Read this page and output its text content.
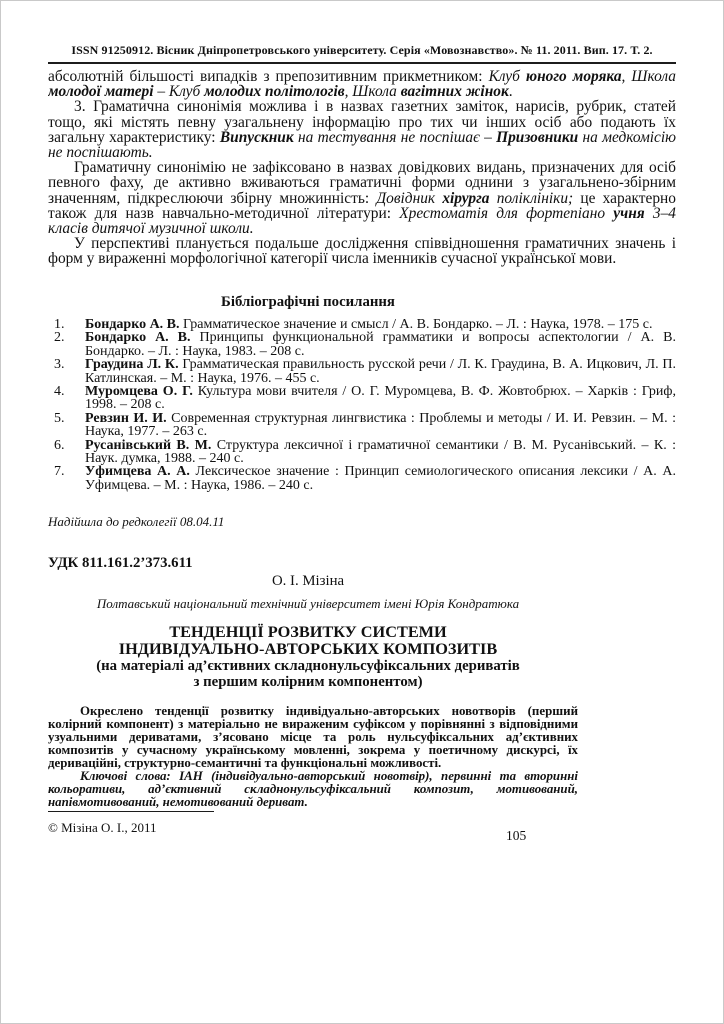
ISSN 91250912. Вісник Дніпропетровського університету. Серія «Мовознавство». № 11. 2011. Вип. 17. Т. 2.

абсолютній більшості випадків з препозитивним прикметником: Клуб юного моряка, Школа молодої матері – Клуб молодих політологів, Школа вагітних жінок.

3. Граматична синонімія можлива і в назвах газетних заміток, нарисів, рубрик, статей тощо, які містять певну узагальнену інформацію про тих чи інших осіб або подають їх загальну характеристику: Випускник на тестування не поспішає – Призовники на медкомісію не поспішають.

Граматичну синонімію не зафіксовано в назвах довідкових видань, призначених для осіб певного фаху, де активно вживаються граматичні форми однини з узагальнено-збірним значенням, підкреслюючи збірну множинність: Довідник хірурга поліклініки; це характерно також для назв навчально-методичної літератури: Хрестоматія для фортепіано учня 3–4 класів дитячої музичної школи.

У перспективі планується подальше дослідження співвідношення граматичних значень і форм у вираженні морфологічної категорії числа іменників сучасної української мови.

Бібліографічні посилання
1. Бондарко А. В. Грамматическое значение и смысл / А. В. Бондарко. – Л. : Наука, 1978. – 175 с.
2. Бондарко А. В. Принципы функциональной грамматики и вопросы аспектологии / А. В. Бондарко. – Л. : Наука, 1983. – 208 с.
3. Граудина Л. К. Грамматическая правильность русской речи / Л. К. Граудина, В. А. Ицкович, Л. П. Катлинская. – М. : Наука, 1976. – 455 с.
4. Муромцева О. Г. Культура мови вчителя / О. Г. Муромцева, В. Ф. Жовтобрюх. – Харків : Гриф, 1998. – 208 с.
5. Ревзин И. И. Современная структурная лингвистика : Проблемы и методы / И. И. Ревзин. – М. : Наука, 1977. – 263 с.
6. Русанівський В. М. Структура лексичної і граматичної семантики / В. М. Русанівський. – К. : Наук. думка, 1988. – 240 с.
7. Уфимцева А. А. Лексическое значение : Принцип семиологического описания лексики / А. А. Уфимцева. – М. : Наука, 1986. – 240 с.
Надійшла до редколегії 08.04.11
УДК 811.161.2’373.611
О. І. Мізіна
Полтавський національний технічний університет імені Юрія Кондратюка
ТЕНДЕНЦІЇ РОЗВИТКУ СИСТЕМИ
ІНДИВІДУАЛЬНО-АВТОРСЬКИХ КОМПОЗИТІВ
(на матеріалі ад’єктивних складнонульсуфіксальних дериватів
з першим колірним компонентом)

Окреслено тенденції розвитку індивідуально-авторських новотворів (перший колірний компонент) з матеріально не вираженим суфіксом у порівнянні з відповідними узуальними дериватами, з’ясовано місце та роль нульсуфіксальних ад’єктивних композитів у сучасному українському мовленні, зокрема у поетичному дискурсі, їх дериваційні, структурно-семантичні та функціональні можливості.

Ключові слова: ІАН (індивідуально-авторський новотвір), первинні та вторинні кольоративи, ад’єктивний складнонульсуфіксальний композит, мотивований, напівмотивований, немотивований дериват.

© Мізіна О. І., 2011
105
